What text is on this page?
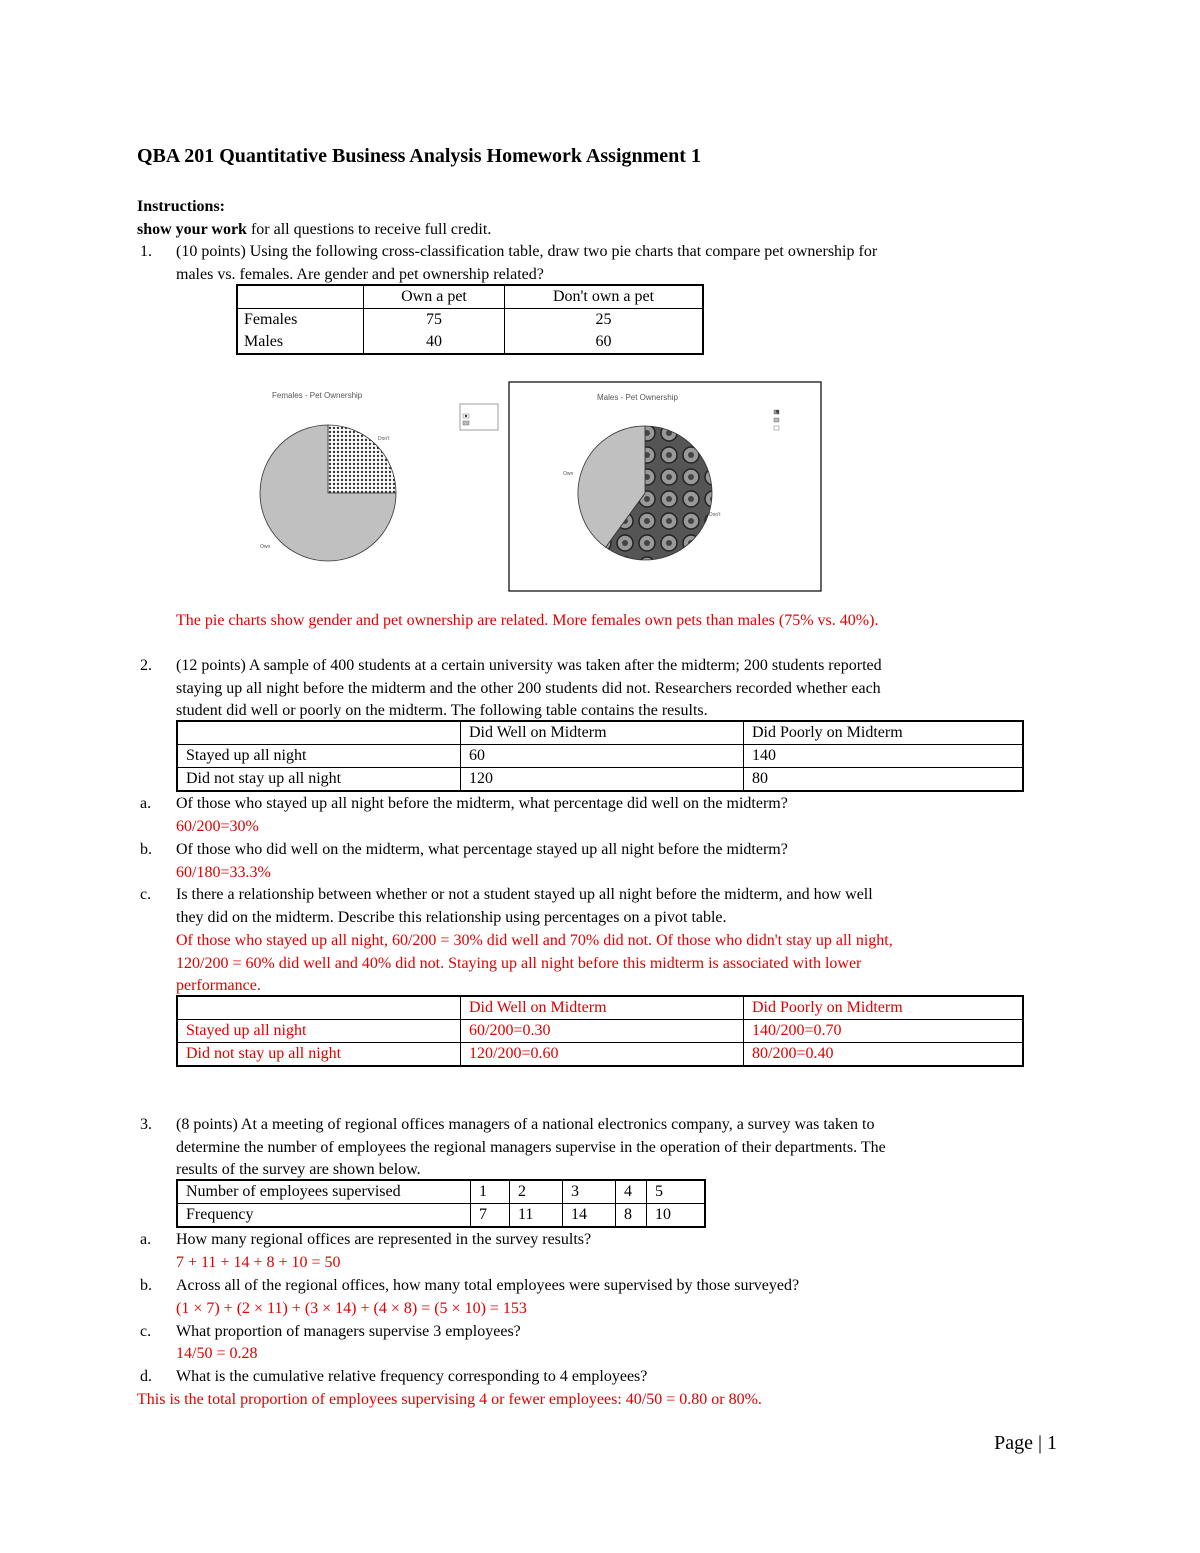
QBA 201 Quantitative Business Analysis Homework Assignment 1
Instructions:
show your work for all questions to receive full credit.
1. (10 points) Using the following cross-classification table, draw two pie charts that compare pet ownership for
males vs. females. Are gender and pet ownership related?
	Own a pet	Don't own a pet
Females	75	25
Males	40	60
Females - Pet Ownership
Don't
Own
Males - Pet Ownership
Own
Don't
The pie charts show gender and pet ownership are related. More females own pets than males (75% vs. 40%).
2. (12 points) A sample of 400 students at a certain university was taken after the midterm; 200 students reported
staying up all night before the midterm and the other 200 students did not. Researchers recorded whether each
student did well or poorly on the midterm. The following table contains the results.
	Did Well on Midterm	Did Poorly on Midterm
Stayed up all night	60	140
Did not stay up all night	120	80
a. Of those who stayed up all night before the midterm, what percentage did well on the midterm?
60/200=30%
b. Of those who did well on the midterm, what percentage stayed up all night before the midterm?
60/180=33.3%
c. Is there a relationship between whether or not a student stayed up all night before the midterm, and how well
they did on the midterm. Describe this relationship using percentages on a pivot table.
Of those who stayed up all night, 60/200 = 30% did well and 70% did not. Of those who didn't stay up all night,
120/200 = 60% did well and 40% did not. Staying up all night before this midterm is associated with lower
performance.
	Did Well on Midterm	Did Poorly on Midterm
Stayed up all night	60/200=0.30	140/200=0.70
Did not stay up all night	120/200=0.60	80/200=0.40
3. (8 points) At a meeting of regional offices managers of a national electronics company, a survey was taken to
determine the number of employees the regional managers supervise in the operation of their departments. The
results of the survey are shown below.
Number of employees supervised	1	2	3	4	5
Frequency	7	11	14	8	10
a. How many regional offices are represented in the survey results?
7 + 11 + 14 + 8 + 10 = 50
b. Across all of the regional offices, how many total employees were supervised by those surveyed?
(1 × 7) + (2 × 11) + (3 × 14) + (4 × 8) = (5 × 10) = 153
c. What proportion of managers supervise 3 employees?
14/50 = 0.28
d. What is the cumulative relative frequency corresponding to 4 employees?
This is the total proportion of employees supervising 4 or fewer employees: 40/50 = 0.80 or 80%.
Page | 1
